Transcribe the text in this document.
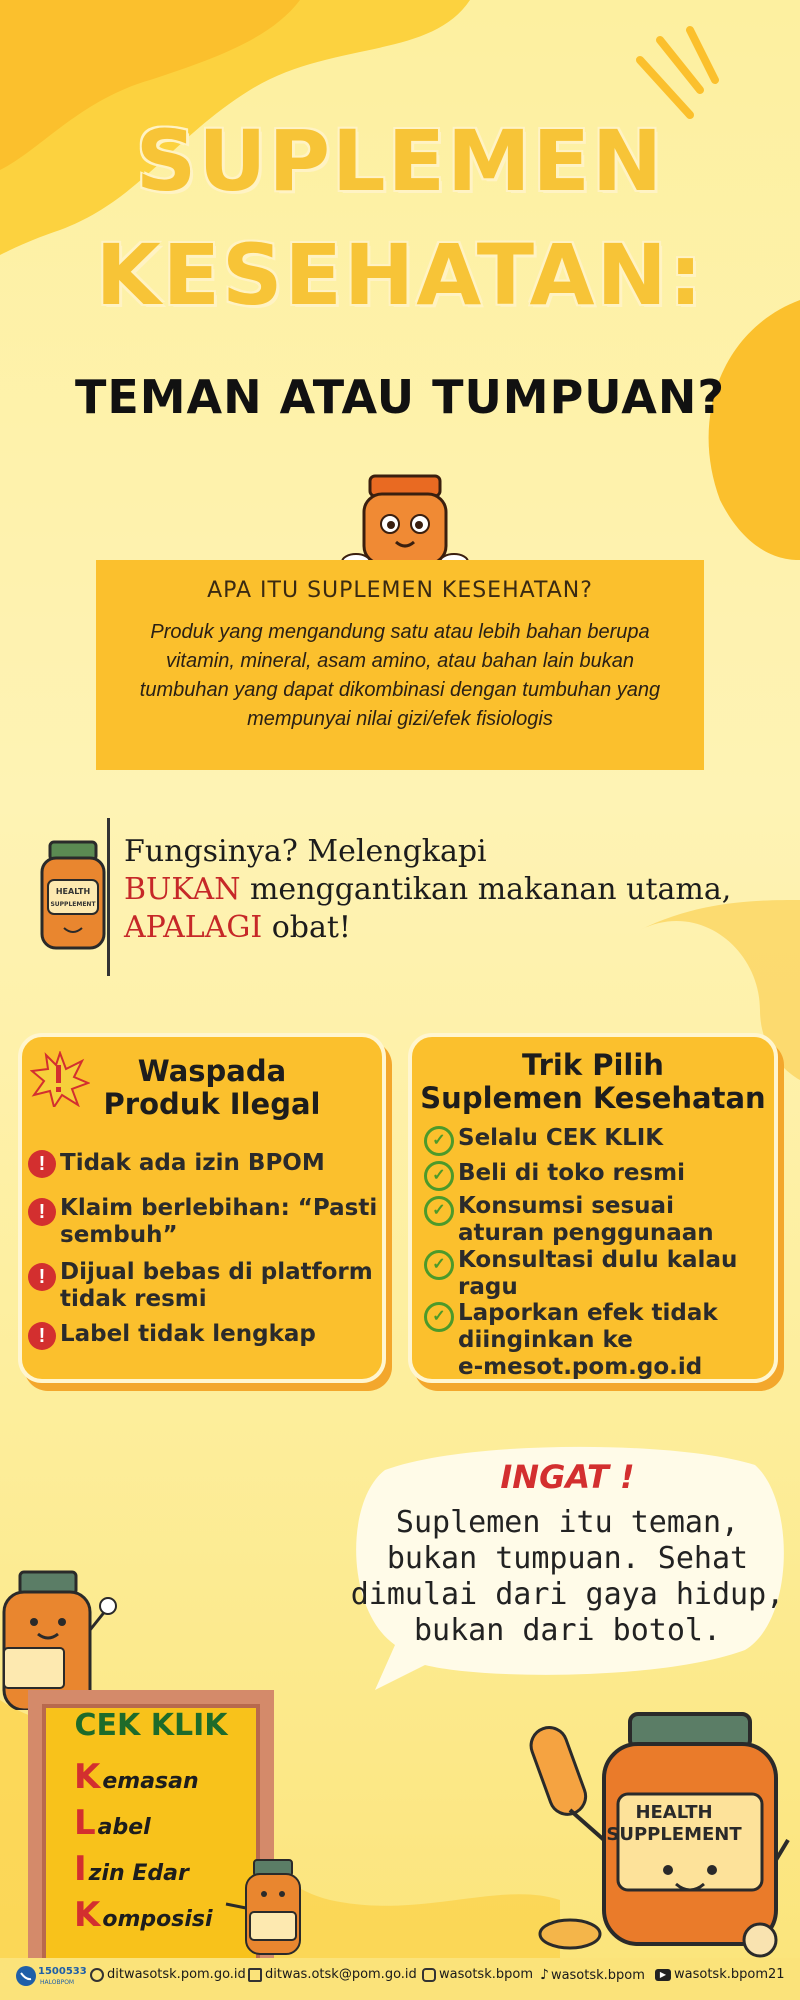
SUPLEMEN
KESEHATAN:
TEMAN ATAU TUMPUAN?
APA ITU SUPLEMEN KESEHATAN?
Produk yang mengandung satu atau lebih bahan berupa vitamin, mineral, asam amino, atau bahan lain bukan tumbuhan yang dapat dikombinasi dengan tumbuhan yang mempunyai nilai gizi/efek fisiologis
HEALTH
SUPPLEMENT
Fungsinya? Melengkapi
BUKAN menggantikan makanan utama,
APALAGI obat!
Waspada
Produk Ilegal
! Tidak ada izin BPOM
! Klaim berlebihan: “Pasti
sembuh”
! Dijual bebas di platform
tidak resmi
! Label tidak lengkap
Trik Pilih
Suplemen Kesehatan
✓ Selalu CEK KLIK
✓ Beli di toko resmi
✓ Konsumsi sesuai
aturan penggunaan
✓ Konsultasi dulu kalau
ragu
✓ Laporkan efek tidak
diinginkan ke
e-mesot.pom.go.id
INGAT !
Suplemen itu teman,
bukan tumpuan. Sehat
dimulai dari gaya hidup,
bukan dari botol.
CEK KLIK
Kemasan
Label
Izin Edar
Komposisi
HEALTH
SUPPLEMENT
1500533
HALOBPOM
ditwasotsk.pom.go.id	ditwas.otsk@pom.go.id	wasotsk.bpom ♪ wasotsk.bpom	▶ wasotsk.bpom21
